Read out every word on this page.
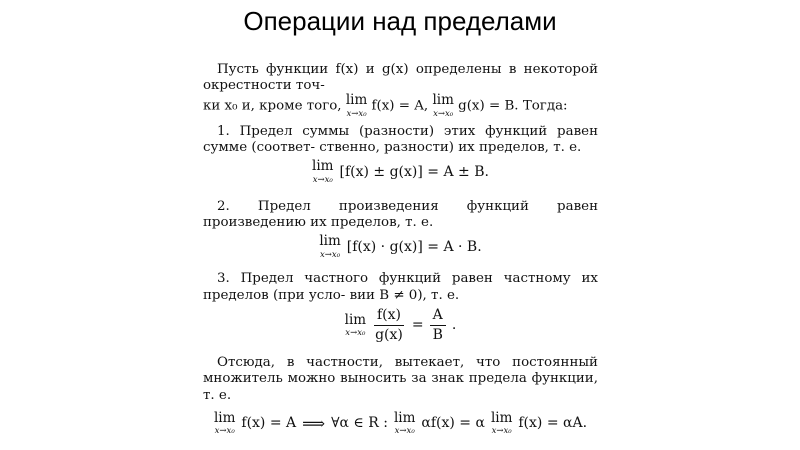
Операции над пределами

Пусть функции f(x) и g(x) определены в некоторой окрестности точ-

ки x₀ и, кроме того, lim
x→x₀ f(x) = A, lim
x→x₀ g(x) = B. Тогда:

1. Предел суммы (разности) этих функций равен сумме (соответ- ственно, разности) их пределов, т. е.

lim
x→x₀ [f(x) ± g(x)] = A ± B.

2. Предел произведения функций равен произведению их пределов, т. е.

lim
x→x₀ [f(x) · g(x)] = A · B.

3. Предел частного функций равен частному их пределов (при усло- вии B ≠ 0), т. е.

lim
$x\to x_0 \frac{f(x)}{g(x)} = \frac{A}{B}$ .

Отсюда, в частности, вытекает, что постоянный множитель можно выносить за знак предела функции, т. е.

lim
x→x₀ f(x) = A ⟹ ∀α ∈ R : lim
x→x₀ αf(x) = α lim
x→x₀ f(x) = αA.
